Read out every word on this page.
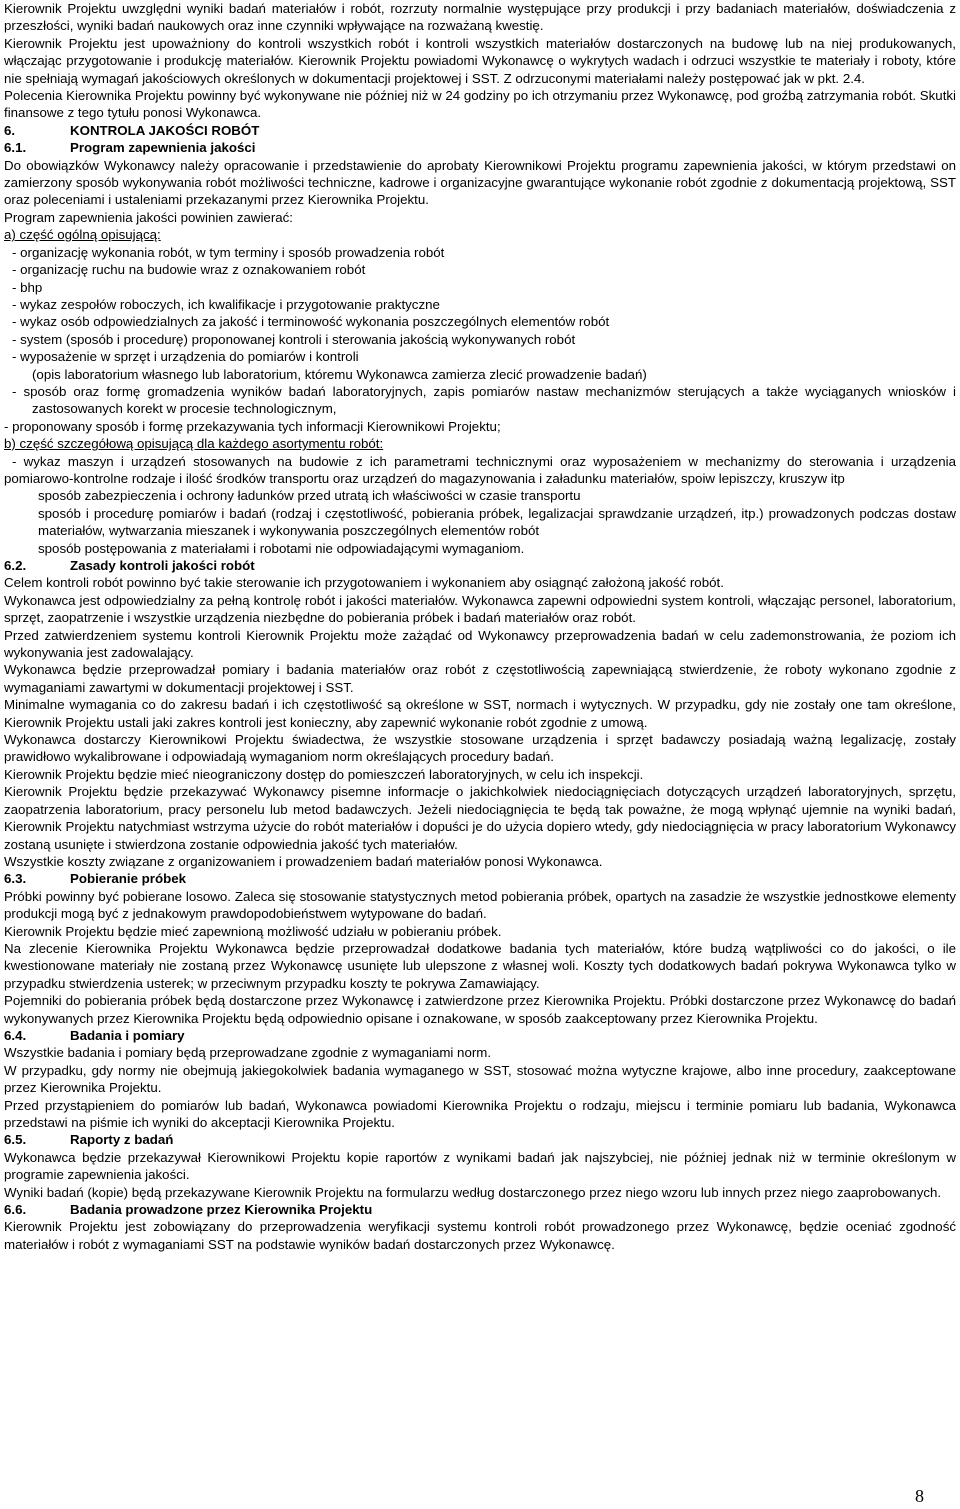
Kierownik Projektu uwzględni wyniki badań materiałów i robót, rozrzuty normalnie występujące przy produkcji i przy badaniach materiałów, doświadczenia z przeszłości, wyniki badań naukowych oraz inne czynniki wpływające na rozważaną kwestię.

Kierownik Projektu jest upoważniony do kontroli wszystkich robót i kontroli wszystkich materiałów dostarczonych na budowę lub na niej produkowanych, włączając przygotowanie i produkcję materiałów. Kierownik Projektu powiadomi Wykonawcę o wykrytych wadach i odrzuci wszystkie te materiały i roboty, które nie spełniają wymagań jakościowych określonych w dokumentacji projektowej i SST. Z odrzuconymi materiałami należy postępować jak w pkt. 2.4.

Polecenia Kierownika Projektu powinny być wykonywane nie później niż w 24 godziny po ich otrzymaniu przez Wykonawcę, pod groźbą zatrzymania robót. Skutki finansowe z tego tytułu ponosi Wykonawca.

6.	KONTROLA JAKOŚCI ROBÓT

6.1.	Program zapewnienia jakości

Do obowiązków Wykonawcy należy opracowanie i przedstawienie do aprobaty Kierownikowi Projektu programu zapewnienia jakości, w którym przedstawi on zamierzony sposób wykonywania robót możliwości techniczne, kadrowe i organizacyjne gwarantujące wykonanie robót zgodnie z dokumentacją projektową, SST oraz poleceniami i ustaleniami przekazanymi przez Kierownika Projektu.

Program zapewnienia jakości powinien zawierać:

a) część ogólną opisującą:

- organizację wykonania robót, w tym terminy i sposób prowadzenia robót

- organizację ruchu na budowie wraz z oznakowaniem robót

- bhp

- wykaz zespołów roboczych, ich kwalifikacje i przygotowanie praktyczne

- wykaz osób odpowiedzialnych za jakość i terminowość wykonania poszczególnych elementów robót

- system (sposób i procedurę) proponowanej kontroli i sterowania jakością wykonywanych robót

- wyposażenie w sprzęt i urządzenia do pomiarów i kontroli

(opis laboratorium własnego lub laboratorium, któremu Wykonawca zamierza zlecić prowadzenie badań)

- sposób oraz formę gromadzenia wyników badań laboratoryjnych, zapis pomiarów nastaw mechanizmów sterujących a także wyciąganych wniosków i zastosowanych korekt w procesie technologicznym,

- proponowany sposób i formę przekazywania tych informacji Kierownikowi Projektu;

b) część szczegółową opisującą dla każdego asortymentu robót:

- wykaz maszyn i urządzeń stosowanych na budowie z ich parametrami technicznymi oraz wyposażeniem w mechanizmy do sterowania i urządzenia pomiarowo-kontrolne rodzaje i ilość środków transportu oraz urządzeń do magazynowania i załadunku materiałów, spoiw lepiszczy, kruszyw itp

sposób zabezpieczenia i ochrony ładunków przed utratą ich właściwości w czasie transportu

sposób i procedurę pomiarów i badań (rodzaj i częstotliwość, pobierania próbek, legalizacjai sprawdzanie urządzeń, itp.) prowadzonych podczas dostaw materiałów, wytwarzania mieszanek i wykonywania poszczególnych elementów robót

sposób postępowania z materiałami i robotami nie odpowiadającymi wymaganiom.

6.2.	Zasady kontroli jakości robót

Celem kontroli robót powinno być takie sterowanie ich przygotowaniem i wykonaniem aby osiągnąć założoną jakość robót.

Wykonawca jest odpowiedzialny za pełną kontrolę robót i jakości materiałów. Wykonawca zapewni odpowiedni system kontroli, włączając personel, laboratorium, sprzęt, zaopatrzenie i wszystkie urządzenia niezbędne do pobierania próbek i badań materiałów oraz robót.

Przed zatwierdzeniem systemu kontroli Kierownik Projektu może zażądać od Wykonawcy przeprowadzenia badań w celu zademonstrowania, że poziom ich wykonywania jest zadowalający.

Wykonawca będzie przeprowadzał pomiary i badania materiałów oraz robót z częstotliwością zapewniającą stwierdzenie, że roboty wykonano zgodnie z wymaganiami zawartymi w dokumentacji projektowej i SST.

Minimalne wymagania co do zakresu badań i ich częstotliwość są określone w SST, normach i wytycznych. W przypadku, gdy nie zostały one tam określone, Kierownik Projektu ustali jaki zakres kontroli jest konieczny, aby zapewnić wykonanie robót zgodnie z umową.

Wykonawca dostarczy Kierownikowi Projektu świadectwa, że wszystkie stosowane urządzenia i sprzęt badawczy posiadają ważną legalizację, zostały prawidłowo wykalibrowane i odpowiadają wymaganiom norm określających procedury badań.

Kierownik Projektu będzie mieć nieograniczony dostęp do pomieszczeń laboratoryjnych, w celu ich inspekcji.

Kierownik Projektu będzie przekazywać Wykonawcy pisemne informacje o jakichkolwiek niedociągnięciach dotyczących urządzeń laboratoryjnych, sprzętu, zaopatrzenia laboratorium, pracy personelu lub metod badawczych. Jeżeli niedociągnięcia te będą tak poważne, że mogą wpłynąć ujemnie na wyniki badań, Kierownik Projektu natychmiast wstrzyma użycie do robót materiałów i dopuści je do użycia dopiero wtedy, gdy niedociągnięcia w pracy laboratorium Wykonawcy zostaną usunięte i stwierdzona zostanie odpowiednia jakość tych materiałów.

Wszystkie koszty związane z organizowaniem i prowadzeniem badań materiałów ponosi Wykonawca.

6.3.	Pobieranie próbek

Próbki powinny być pobierane losowo. Zaleca się stosowanie statystycznych metod pobierania próbek, opartych na zasadzie że wszystkie jednostkowe elementy produkcji mogą być z jednakowym prawdopodobieństwem wytypowane do badań.

Kierownik Projektu będzie mieć zapewnioną możliwość udziału w pobieraniu próbek.

Na zlecenie Kierownika Projektu Wykonawca będzie przeprowadzał dodatkowe badania tych materiałów, które budzą wątpliwości co do jakości, o ile kwestionowane materiały nie zostaną przez Wykonawcę usunięte lub ulepszone z własnej woli. Koszty tych dodatkowych badań pokrywa Wykonawca tylko w przypadku stwierdzenia usterek; w przeciwnym przypadku koszty te pokrywa Zamawiający.

Pojemniki do pobierania próbek będą dostarczone przez Wykonawcę i zatwierdzone przez Kierownika Projektu. Próbki dostarczone przez Wykonawcę do badań wykonywanych przez Kierownika Projektu będą odpowiednio opisane i oznakowane, w sposób zaakceptowany przez Kierownika Projektu.

6.4.	Badania i pomiary

Wszystkie badania i pomiary będą przeprowadzane zgodnie z wymaganiami norm.

W przypadku, gdy normy nie obejmują jakiegokolwiek badania wymaganego w SST, stosować można wytyczne krajowe, albo inne procedury, zaakceptowane przez Kierownika Projektu.

Przed przystąpieniem do pomiarów lub badań, Wykonawca powiadomi Kierownika Projektu o rodzaju, miejscu i terminie pomiaru lub badania, Wykonawca przedstawi na piśmie ich wyniki do akceptacji Kierownika Projektu.

6.5.	Raporty z badań

Wykonawca będzie przekazywał Kierownikowi Projektu kopie raportów z wynikami badań jak najszybciej, nie później jednak niż w terminie określonym w programie zapewnienia jakości.

Wyniki badań (kopie) będą przekazywane Kierownik Projektu na formularzu według dostarczonego przez niego wzoru lub innych przez niego zaaprobowanych.

6.6.	Badania prowadzone przez Kierownika Projektu

Kierownik Projektu jest zobowiązany do przeprowadzenia weryfikacji systemu kontroli robót prowadzonego przez Wykonawcę, będzie oceniać zgodność materiałów i robót z wymaganiami SST na podstawie wyników badań dostarczonych przez Wykonawcę.

8
